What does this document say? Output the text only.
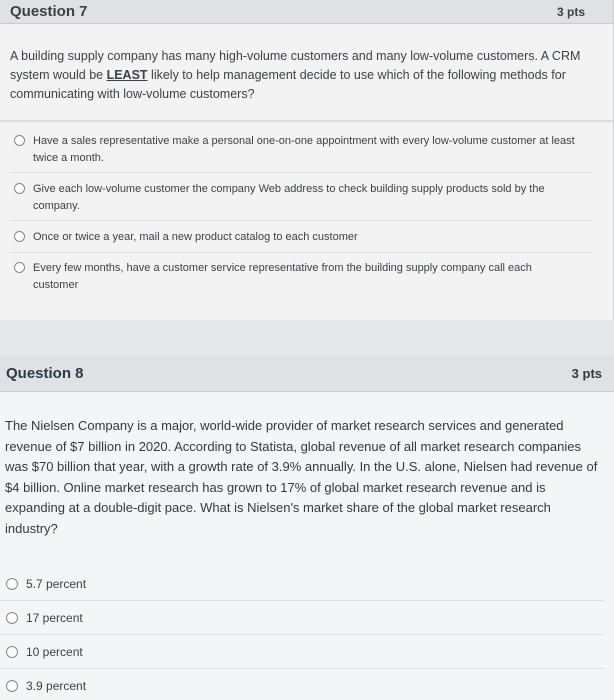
Question 7	3 pts
A building supply company has many high-volume customers and many low-volume customers. A CRM system would be LEAST likely to help management decide to use which of the following methods for communicating with low-volume customers?
Have a sales representative make a personal one-on-one appointment with every low-volume customer at least twice a month.
Give each low-volume customer the company Web address to check building supply products sold by the company.
Once or twice a year, mail a new product catalog to each customer
Every few months, have a customer service representative from the building supply company call each customer
Question 8	3 pts
The Nielsen Company is a major, world-wide provider of market research services and generated revenue of $7 billion in 2020. According to Statista, global revenue of all market research companies was $70 billion that year, with a growth rate of 3.9% annually. In the U.S. alone, Nielsen had revenue of $4 billion. Online market research has grown to 17% of global market research revenue and is expanding at a double-digit pace. What is Nielsen's market share of the global market research industry?
5.7 percent
17 percent
10 percent
3.9 percent
